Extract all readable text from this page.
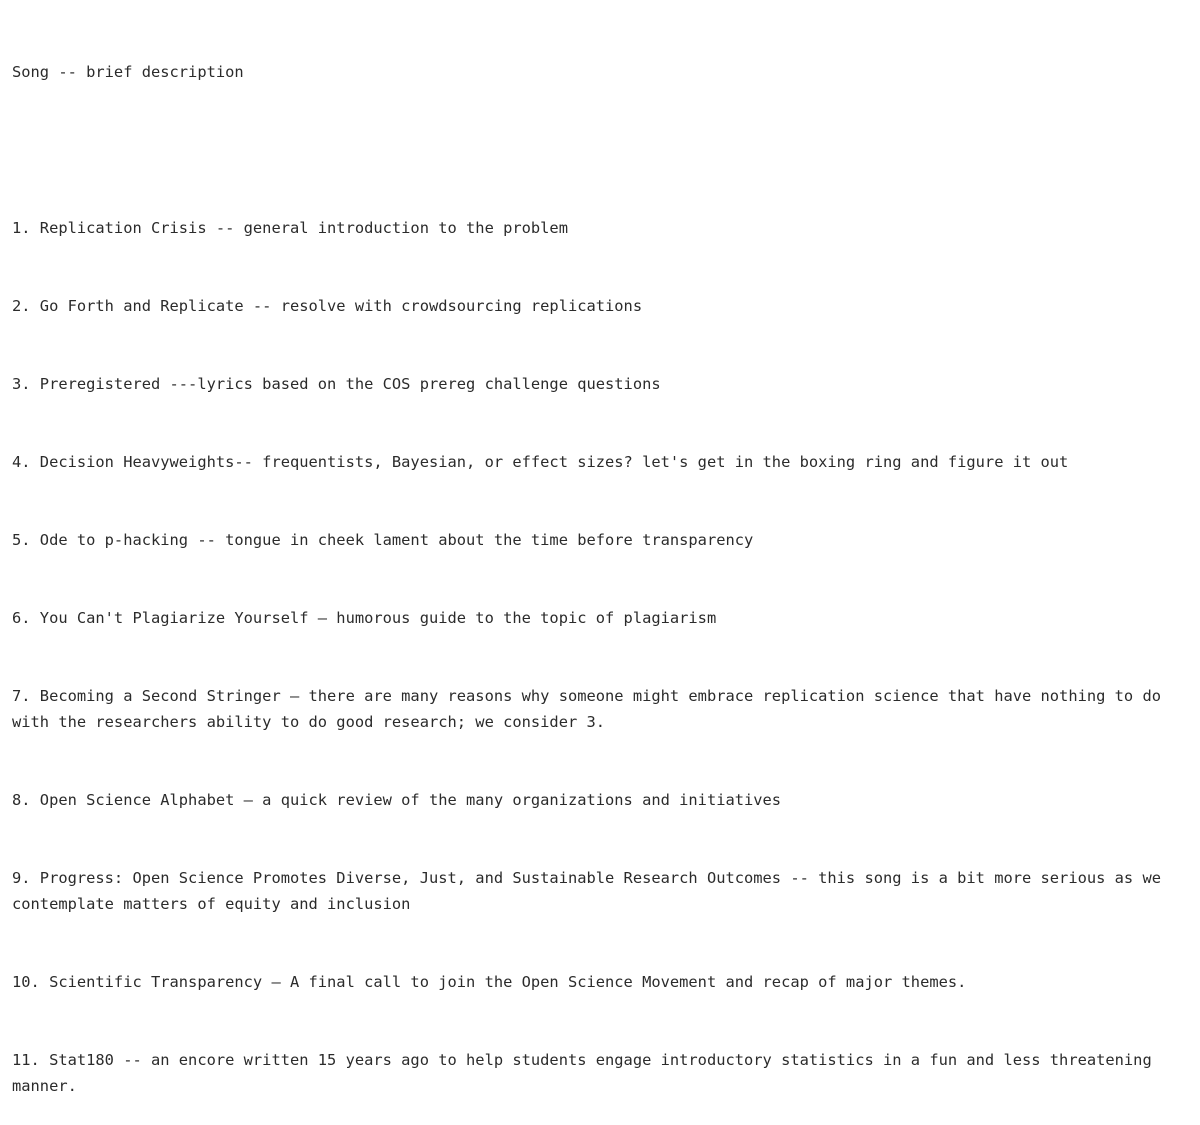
Song -- brief description

1. Replication Crisis -- general introduction to the problem

2. Go Forth and Replicate -- resolve with crowdsourcing replications

3. Preregistered ---lyrics based on the COS prereg challenge questions

4. Decision Heavyweights-- frequentists, Bayesian, or effect sizes? let's get in the boxing ring and figure it out

5. Ode to p-hacking -- tongue in cheek lament about the time before transparency

6. You Can't Plagiarize Yourself – humorous guide to the topic of plagiarism

7. Becoming a Second Stringer – there are many reasons why someone might embrace replication science that have nothing to do with the researchers ability to do good research; we consider 3.

8. Open Science Alphabet – a quick review of the many organizations and initiatives

9. Progress: Open Science Promotes Diverse, Just, and Sustainable Research Outcomes -- this song is a bit more serious as we contemplate matters of equity and inclusion

10. Scientific Transparency – A final call to join the Open Science Movement and recap of major themes.

11. Stat180 -- an encore written 15 years ago to help students engage introductory statistics in a fun and less threatening manner.
